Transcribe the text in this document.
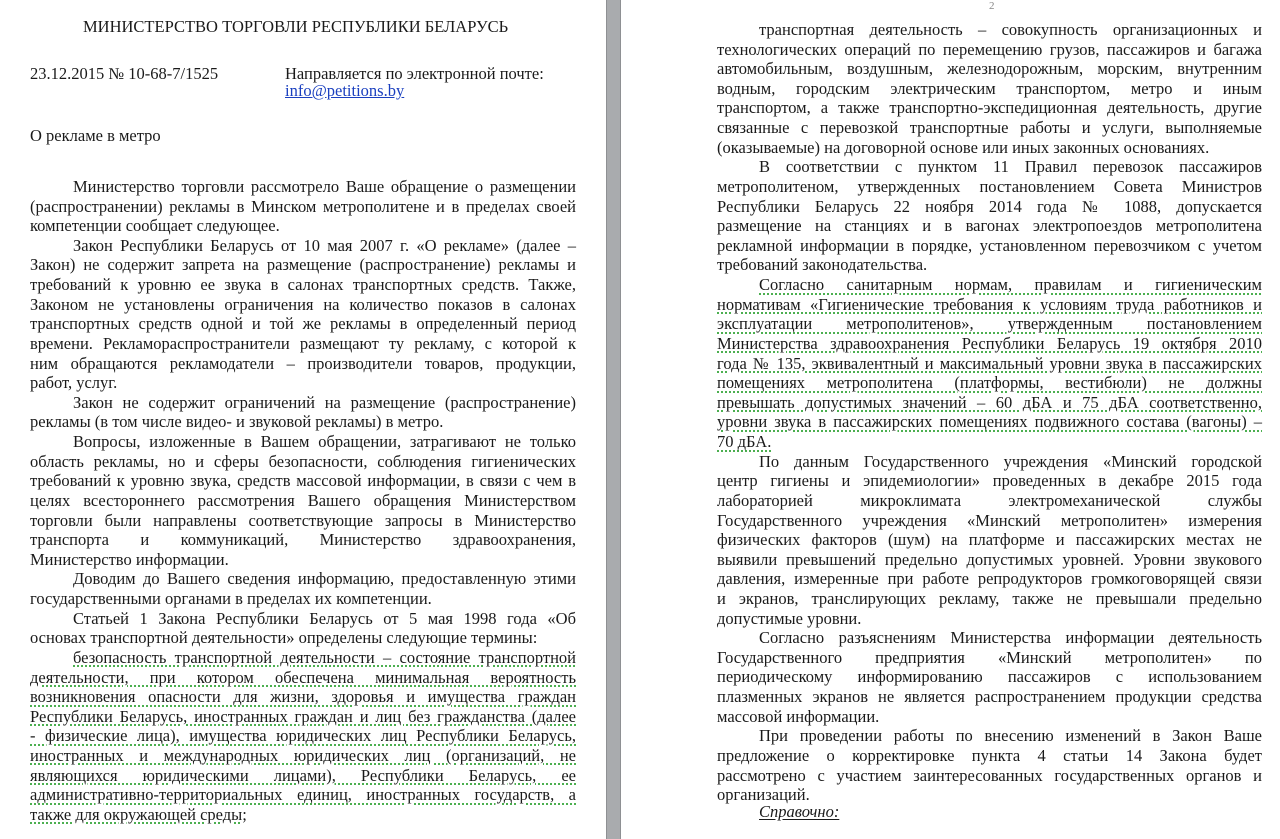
МИНИСТЕРСТВО ТОРГОВЛИ РЕСПУБЛИКИ БЕЛАРУСЬ
23.12.2015 № 10-68-7/1525	Направляется по электронной почте:
info@petitions.by
О рекламе в метро
Министерство торговли рассмотрело Ваше обращение о размещении
(распространении) рекламы в Минском метрополитене и в пределах своей
компетенции сообщает следующее.
Закон Республики Беларусь от 10 мая 2007 г. «О рекламе» (далее –
Закон) не содержит запрета на размещение (распространение) рекламы и
требований к уровню ее звука в салонах транспортных средств. Также,
Законом не установлены ограничения на количество показов в салонах
транспортных средств одной и той же рекламы в определенный период
времени. Рекламораспространители размещают ту рекламу, с которой к
ним обращаются рекламодатели – производители товаров, продукции,
работ, услуг.
Закон не содержит ограничений на размещение (распространение)
рекламы (в том числе видео- и звуковой рекламы) в метро.
Вопросы, изложенные в Вашем обращении, затрагивают не только
область рекламы, но и сферы безопасности, соблюдения гигиенических
требований к уровню звука, средств массовой информации, в связи с чем в
целях всестороннего рассмотрения Вашего обращения Министерством
торговли были направлены соответствующие запросы в Министерство
транспорта и коммуникаций, Министерство здравоохранения,
Министерство информации.
Доводим до Вашего сведения информацию, предоставленную этими
государственными органами в пределах их компетенции.
Статьей 1 Закона Республики Беларусь от 5 мая 1998 года «Об
основах транспортной деятельности» определены следующие термины:
безопасность транспортной деятельности – состояние транспортной
деятельности, при котором обеспечена минимальная вероятность
возникновения опасности для жизни, здоровья и имущества граждан
Республики Беларусь, иностранных граждан и лиц без гражданства (далее
- физические лица), имущества юридических лиц Республики Беларусь,
иностранных и международных юридических лиц (организаций, не
являющихся юридическими лицами), Республики Беларусь, ее
административно-территориальных единиц, иностранных государств, а
также для окружающей среды;
2
транспортная деятельность – совокупность организационных и
технологических операций по перемещению грузов, пассажиров и багажа
автомобильным, воздушным, железнодорожным, морским, внутренним
водным, городским электрическим транспортом, метро и иным
транспортом, а также транспортно-экспедиционная деятельность, другие
связанные с перевозкой транспортные работы и услуги, выполняемые
(оказываемые) на договорной основе или иных законных основаниях.
В соответствии с пунктом 11 Правил перевозок пассажиров
метрополитеном, утвержденных постановлением Совета Министров
Республики Беларусь 22 ноября 2014 года № 1088, допускается
размещение на станциях и в вагонах электропоездов метрополитена
рекламной информации в порядке, установленном перевозчиком с учетом
требований законодательства.
Согласно санитарным нормам, правилам и гигиеническим
нормативам «Гигиенические требования к условиям труда работников и
эксплуатации метрополитенов», утвержденным постановлением
Министерства здравоохранения Республики Беларусь 19 октября 2010
года № 135, эквивалентный и максимальный уровни звука в пассажирских
помещениях метрополитена (платформы, вестибюли) не должны
превышать допустимых значений – 60 дБА и 75 дБА соответственно,
уровни звука в пассажирских помещениях подвижного состава (вагоны) –
70 дБА.
По данным Государственного учреждения «Минский городской
центр гигиены и эпидемиологии» проведенных в декабре 2015 года
лабораторией микроклимата электромеханической службы
Государственного учреждения «Минский метрополитен» измерения
физических факторов (шум) на платформе и пассажирских местах не
выявили превышений предельно допустимых уровней. Уровни звукового
давления, измеренные при работе репродукторов громкоговорящей связи
и экранов, транслирующих рекламу, также не превышали предельно
допустимые уровни.
Согласно разъяснениям Министерства информации деятельность
Государственного предприятия «Минский метрополитен» по
периодическому информированию пассажиров с использованием
плазменных экранов не является распространением продукции средства
массовой информации.
При проведении работы по внесению изменений в Закон Ваше
предложение о корректировке пункта 4 статьи 14 Закона будет
рассмотрено с участием заинтересованных государственных органов и
организаций.
Справочно:
